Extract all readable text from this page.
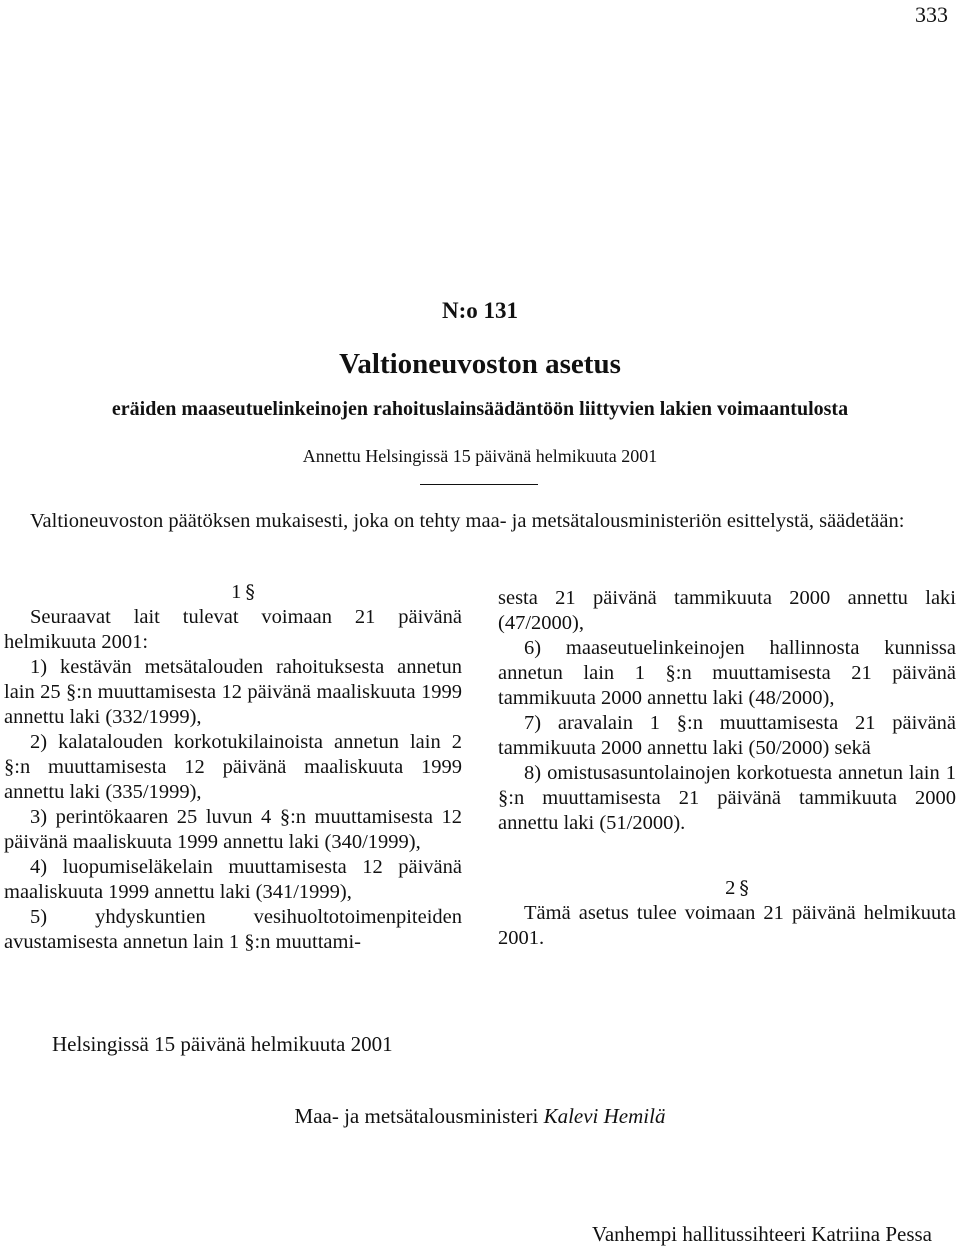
333
N:o 131
Valtioneuvoston asetus
eräiden maaseutuelinkeinojen rahoituslainsäädäntöön liittyvien lakien voimaantulosta
Annettu Helsingissä 15 päivänä helmikuuta 2001
Valtioneuvoston päätöksen mukaisesti, joka on tehty maa- ja metsätalousministeriön esittelystä, säädetään:
1 §
Seuraavat lait tulevat voimaan 21 päivänä helmikuuta 2001:
1) kestävän metsätalouden rahoituksesta annetun lain 25 §:n muuttamisesta 12 päivänä maaliskuuta 1999 annettu laki (332/1999),
2) kalatalouden korkotukilainoista annetun lain 2 §:n muuttamisesta 12 päivänä maaliskuuta 1999 annettu laki (335/1999),
3) perintökaaren 25 luvun 4 §:n muuttamisesta 12 päivänä maaliskuuta 1999 annettu laki (340/1999),
4) luopumiseläkelain muuttamisesta 12 päivänä maaliskuuta 1999 annettu laki (341/1999),
5) yhdyskuntien vesihuoltotoimenpiteiden avustamisesta annetun lain 1 §:n muuttami-
sesta 21 päivänä tammikuuta 2000 annettu laki (47/2000),
6) maaseutuelinkeinojen hallinnosta kunnissa annetun lain 1 §:n muuttamisesta 21 päivänä tammikuuta 2000 annettu laki (48/2000),
7) aravalain 1 §:n muuttamisesta 21 päivänä tammikuuta 2000 annettu laki (50/2000) sekä
8) omistusasuntolainojen korkotuesta annetun lain 1 §:n muuttamisesta 21 päivänä tammikuuta 2000 annettu laki (51/2000).
2 §
Tämä asetus tulee voimaan 21 päivänä helmikuuta 2001.
Helsingissä 15 päivänä helmikuuta 2001
Maa- ja metsätalousministeri Kalevi Hemilä
Vanhempi hallitussihteeri Katriina Pessa
